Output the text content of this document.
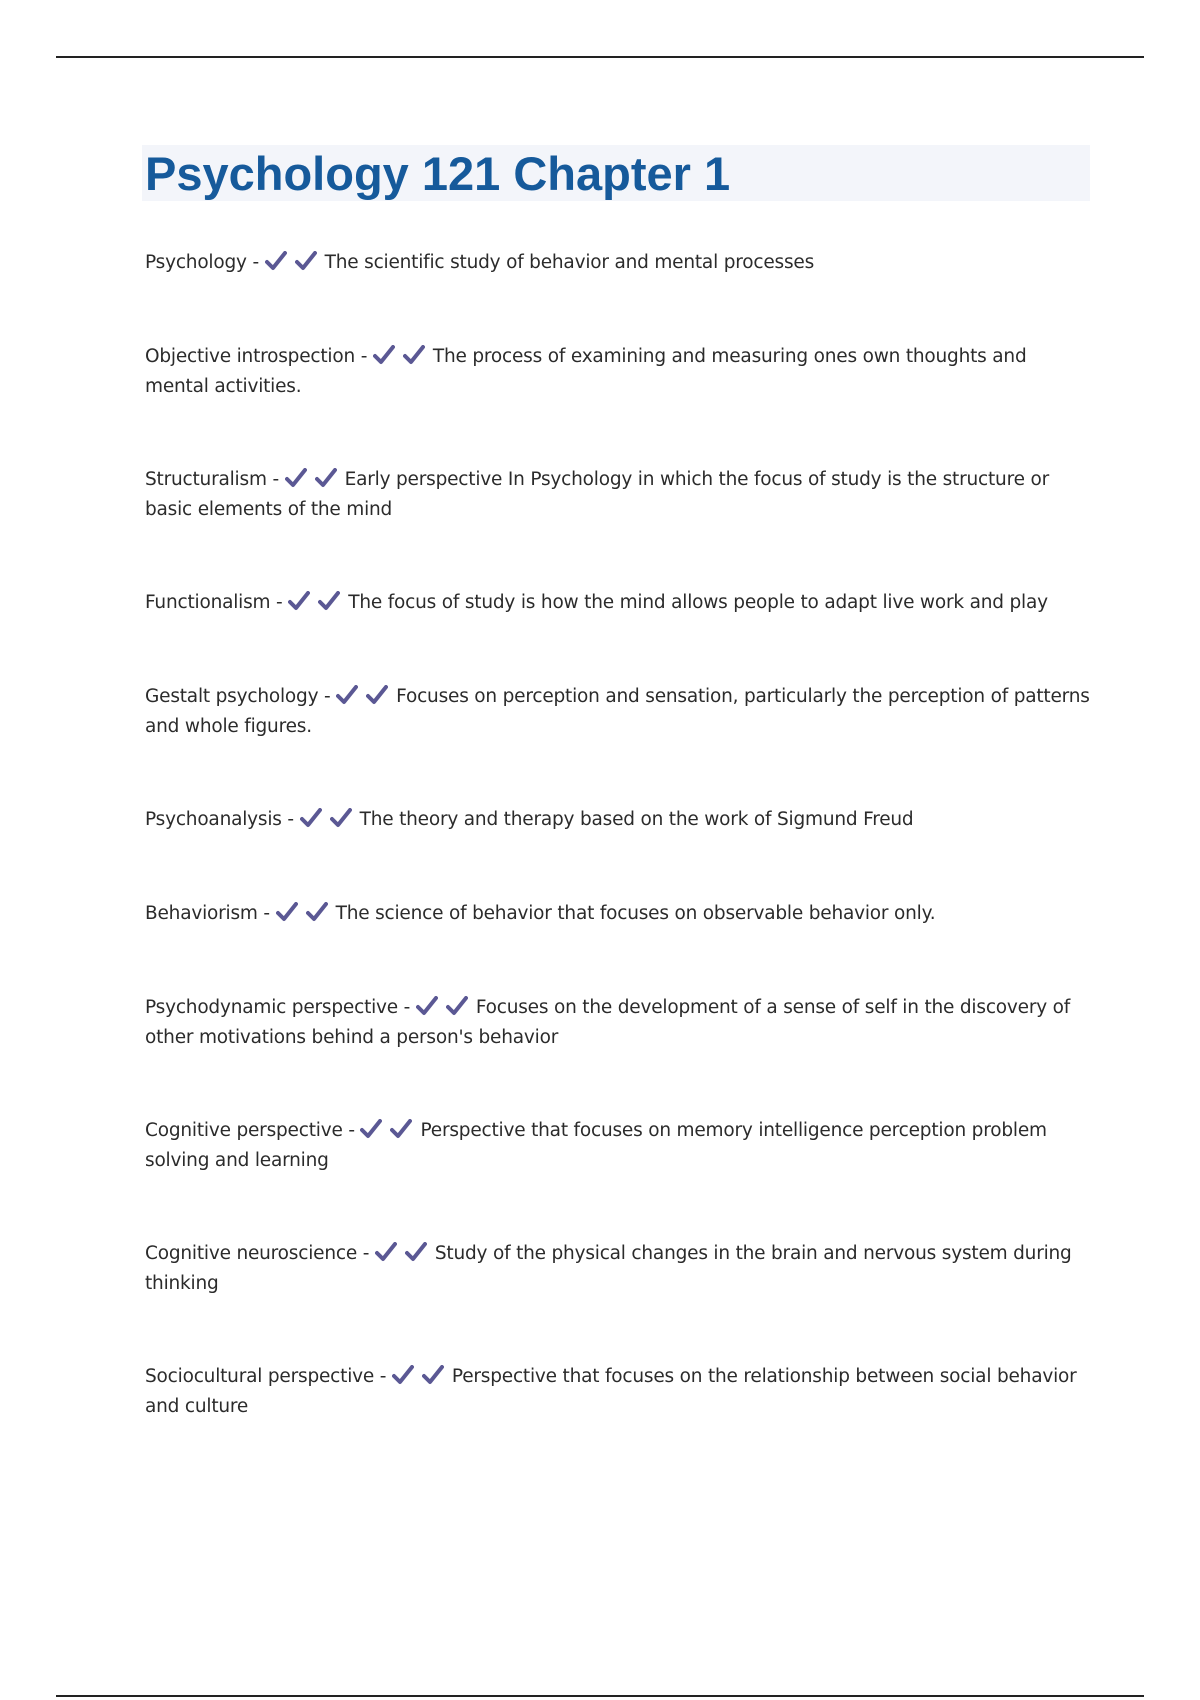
Psychology 121 Chapter 1

Psychology -	The scientific study of behavior and mental processes

Objective introspection -	The process of examining and measuring ones own thoughts and mental activities.

Structuralism -	Early perspective In Psychology in which the focus of study is the structure or basic elements of the mind

Functionalism -	The focus of study is how the mind allows people to adapt live work and play

Gestalt psychology -	Focuses on perception and sensation, particularly the perception of patterns and whole figures.

Psychoanalysis -	The theory and therapy based on the work of Sigmund Freud

Behaviorism -	The science of behavior that focuses on observable behavior only.

Psychodynamic perspective -	Focuses on the development of a sense of self in the discovery of other motivations behind a person's behavior

Cognitive perspective -	Perspective that focuses on memory intelligence perception problem solving and learning

Cognitive neuroscience -	Study of the physical changes in the brain and nervous system during thinking

Sociocultural perspective -	Perspective that focuses on the relationship between social behavior and culture
